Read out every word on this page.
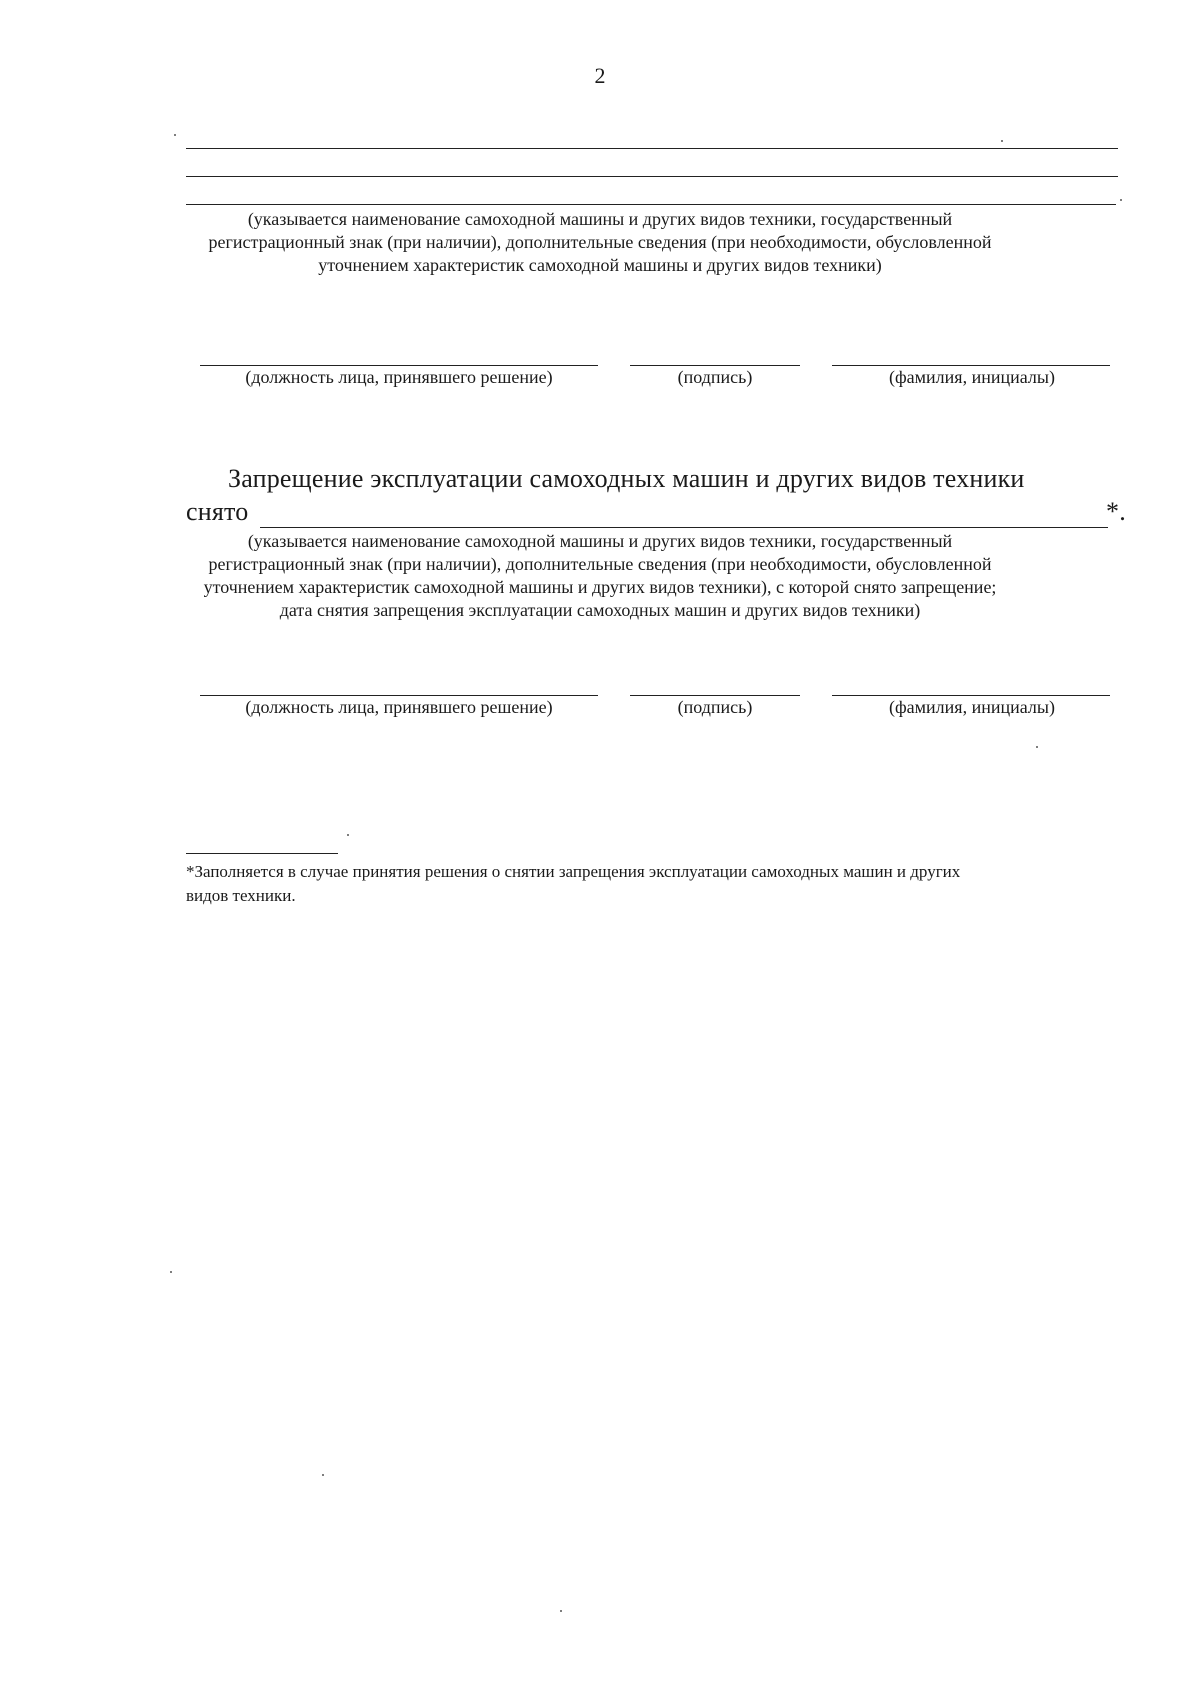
2
(указывается наименование самоходной машины и других видов техники, государственный
регистрационный знак (при наличии), дополнительные сведения (при необходимости, обусловленной
уточнением характеристик самоходной машины и других видов техники)
(должность лица, принявшего решение)	(подпись)	(фамилия, инициалы)
Запрещение эксплуатации самоходных машин и других видов техники
снято	*.
(указывается наименование самоходной машины и других видов техники, государственный
регистрационный знак (при наличии), дополнительные сведения (при необходимости, обусловленной
уточнением характеристик самоходной машины и других видов техники), с которой снято запрещение;
дата снятия запрещения эксплуатации самоходных машин и других видов техники)
(должность лица, принявшего решение)	(подпись)	(фамилия, инициалы)
*Заполняется в случае принятия решения о снятии запрещения эксплуатации самоходных машин и других
видов техники.
